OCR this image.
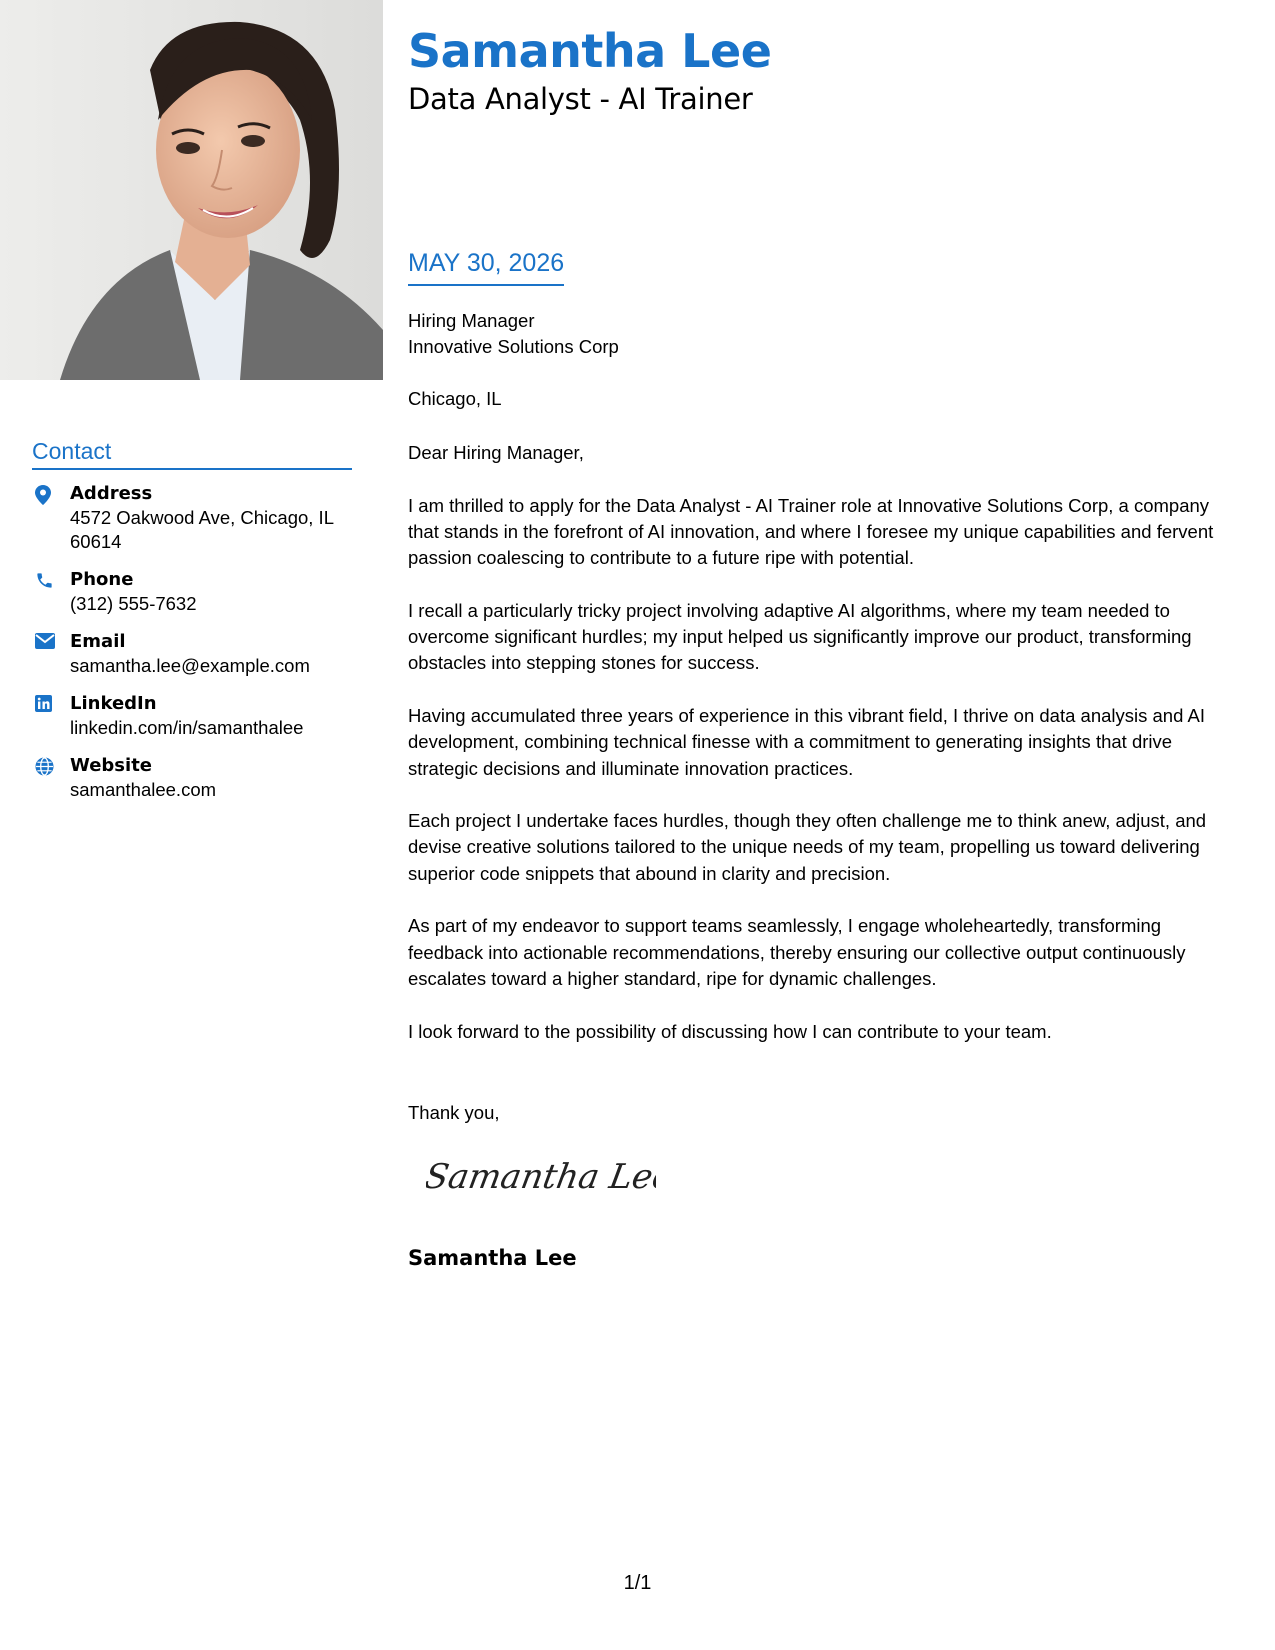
Contact
Address
4572 Oakwood Ave, Chicago, IL 60614
Phone
(312) 555-7632
Email
samantha.lee@example.com
LinkedIn
linkedin.com/in/samanthalee
Website
samanthalee.com
Samantha Lee
Data Analyst - AI Trainer
MAY 30, 2026
Hiring Manager
Innovative Solutions Corp
Chicago, IL

Dear Hiring Manager,

I am thrilled to apply for the Data Analyst - AI Trainer role at Innovative Solutions Corp, a company that stands in the forefront of AI innovation, and where I foresee my unique capabilities and fervent passion coalescing to contribute to a future ripe with potential.

I recall a particularly tricky project involving adaptive AI algorithms, where my team needed to overcome significant hurdles; my input helped us significantly improve our product, transforming obstacles into stepping stones for success.

Having accumulated three years of experience in this vibrant field, I thrive on data analysis and AI development, combining technical finesse with a commitment to generating insights that drive strategic decisions and illuminate innovation practices.

Each project I undertake faces hurdles, though they often challenge me to think anew, adjust, and devise creative solutions tailored to the unique needs of my team, propelling us toward delivering superior code snippets that abound in clarity and precision.

As part of my endeavor to support teams seamlessly, I engage wholeheartedly, transforming feedback into actionable recommendations, thereby ensuring our collective output continuously escalates toward a higher standard, ripe for dynamic challenges.

I look forward to the possibility of discussing how I can contribute to your team.

Thank you,
Samantha Lee
Samantha Lee
1/1
